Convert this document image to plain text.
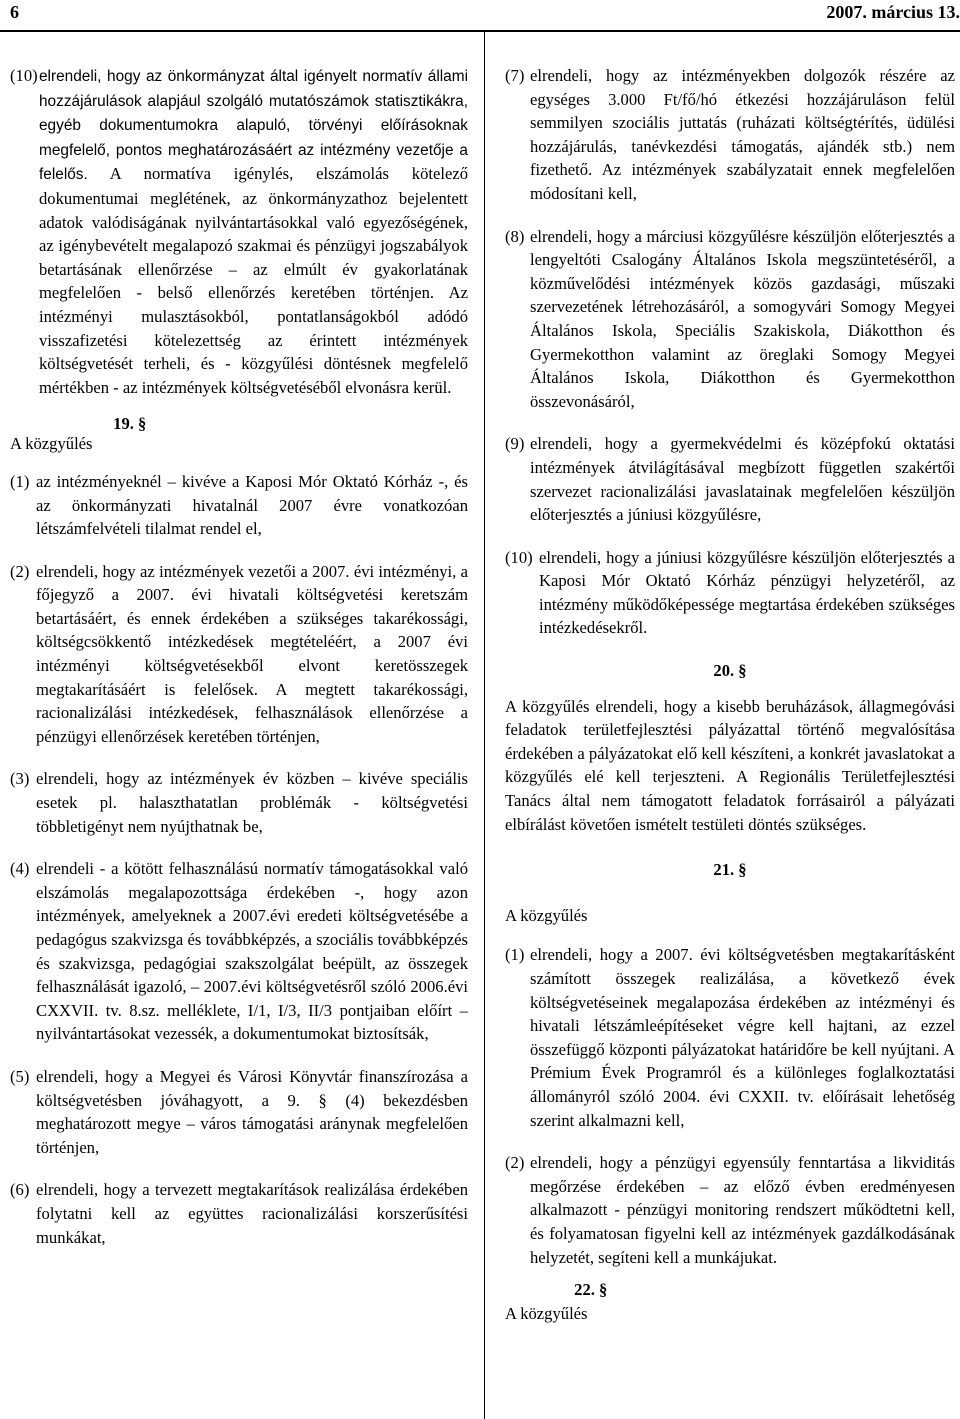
6	2007. március 13.
(10) elrendeli, hogy az önkormányzat által igényelt normatív állami hozzájárulások alapjául szolgáló mutatószámok statisztikákra, egyéb dokumentumokra alapuló, törvényi előírásoknak megfelelő, pontos meghatározásáért az intézmény vezetője a felelős. A normatíva igénylés, elszámolás kötelező dokumentumai meglétének, az önkormányzathoz bejelentett adatok valódiságának nyilvántartásokkal való egyezőségének, az igénybevételt megalapozó szakmai és pénzügyi jogszabályok betartásának ellenőrzése – az elmúlt év gyakorlatának megfelelően - belső ellenőrzés keretében történjen. Az intézményi mulasztásokból, pontatlanságokból adódó visszafizetési kötelezettség az érintett intézmények költségvetését terheli, és - közgyűlési döntésnek megfelelő mértékben - az intézmények költségvetéséből elvonásra kerül.
A közgyűlés
19. §
(1) az intézményeknél – kivéve a Kaposi Mór Oktató Kórház -, és az önkormányzati hivatalnál 2007 évre vonatkozóan létszámfelvételi tilalmat rendel el,
(2) elrendeli, hogy az intézmények vezetői a 2007. évi intézményi, a főjegyző a 2007. évi hivatali költségvetési keretszám betartásáért, és ennek érdekében a szükséges takarékossági, költségcsökkentő intézkedések megtételéért, a 2007 évi intézményi költségvetésekből elvont keretösszegek megtakarításáért is felelősek. A megtett takarékossági, racionalizálási intézkedések, felhasználások ellenőrzése a pénzügyi ellenőrzések keretében történjen,
(3) elrendeli, hogy az intézmények év közben – kivéve speciális esetek pl. halaszthatatlan problémák - költségvetési többletigényt nem nyújthatnak be,
(4) elrendeli - a kötött felhasználású normatív támogatásokkal való elszámolás megalapozottsága érdekében -, hogy azon intézmények, amelyeknek a 2007.évi eredeti költségvetésébe a pedagógus szakvizsga és továbbképzés, a szociális továbbképzés és szakvizsga, pedagógiai szakszolgálat beépült, az összegek felhasználását igazoló, – 2007.évi költségvetésről szóló 2006.évi CXXVII. tv. 8.sz. melléklete, I/1, I/3, II/3 pontjaiban előírt – nyilvántartásokat vezessék, a dokumentumokat biztosítsák,
(5) elrendeli, hogy a Megyei és Városi Könyvtár finanszírozása a költségvetésben jóváhagyott, a 9. § (4) bekezdésben meghatározott megye – város támogatási aránynak megfelelően történjen,
(6) elrendeli, hogy a tervezett megtakarítások realizálása érdekében folytatni kell az együttes racionalizálási korszerűsítési munkákat,
(7) elrendeli, hogy az intézményekben dolgozók részére az egységes 3.000 Ft/fő/hó étkezési hozzájáruláson felül semmilyen szociális juttatás (ruházati költségtérítés, üdülési hozzájárulás, tanévkezdési támogatás, ajándék stb.) nem fizethető. Az intézmények szabályzatait ennek megfelelően módosítani kell,
(8) elrendeli, hogy a márciusi közgyűlésre készüljön előterjesztés a lengyeltóti Csalogány Általános Iskola megszüntetéséről, a közművelődési intézmények közös gazdasági, műszaki szervezetének létrehozásáról, a somogyvári Somogy Megyei Általános Iskola, Speciális Szakiskola, Diákotthon és Gyermekotthon valamint az öreglaki Somogy Megyei Általános Iskola, Diákotthon és Gyermekotthon összevonásáról,
(9) elrendeli, hogy a gyermekvédelmi és középfokú oktatási intézmények átvilágításával megbízott független szakértői szervezet racionalizálási javaslatainak megfelelően készüljön előterjesztés a júniusi közgyűlésre,
(10) elrendeli, hogy a júniusi közgyűlésre készüljön előterjesztés a Kaposi Mór Oktató Kórház pénzügyi helyzetéről, az intézmény működőképessége megtartása érdekében szükséges intézkedésekről.
20. §
A közgyűlés elrendeli, hogy a kisebb beruházások, állagmegóvási feladatok területfejlesztési pályázattal történő megvalósítása érdekében a pályázatokat elő kell készíteni, a konkrét javaslatokat a közgyűlés elé kell terjeszteni. A Regionális Területfejlesztési Tanács által nem támogatott feladatok forrásairól a pályázati elbírálást követően ismételt testületi döntés szükséges.
21. §
A közgyűlés
(1) elrendeli, hogy a 2007. évi költségvetésben megtakarításként számított összegek realizálása, a következő évek költségvetéseinek megalapozása érdekében az intézményi és hivatali létszámleépítéseket végre kell hajtani, az ezzel összefüggő központi pályázatokat határidőre be kell nyújtani. A Prémium Évek Programról és a különleges foglalkoztatási állományról szóló 2004. évi CXXII. tv. előírásait lehetőség szerint alkalmazni kell,
(2) elrendeli, hogy a pénzügyi egyensúly fenntartása a likviditás megőrzése érdekében – az előző évben eredményesen alkalmazott - pénzügyi monitoring rendszert működtetni kell, és folyamatosan figyelni kell az intézmények gazdálkodásának helyzetét, segíteni kell a munkájukat.
A közgyűlés
22. §
